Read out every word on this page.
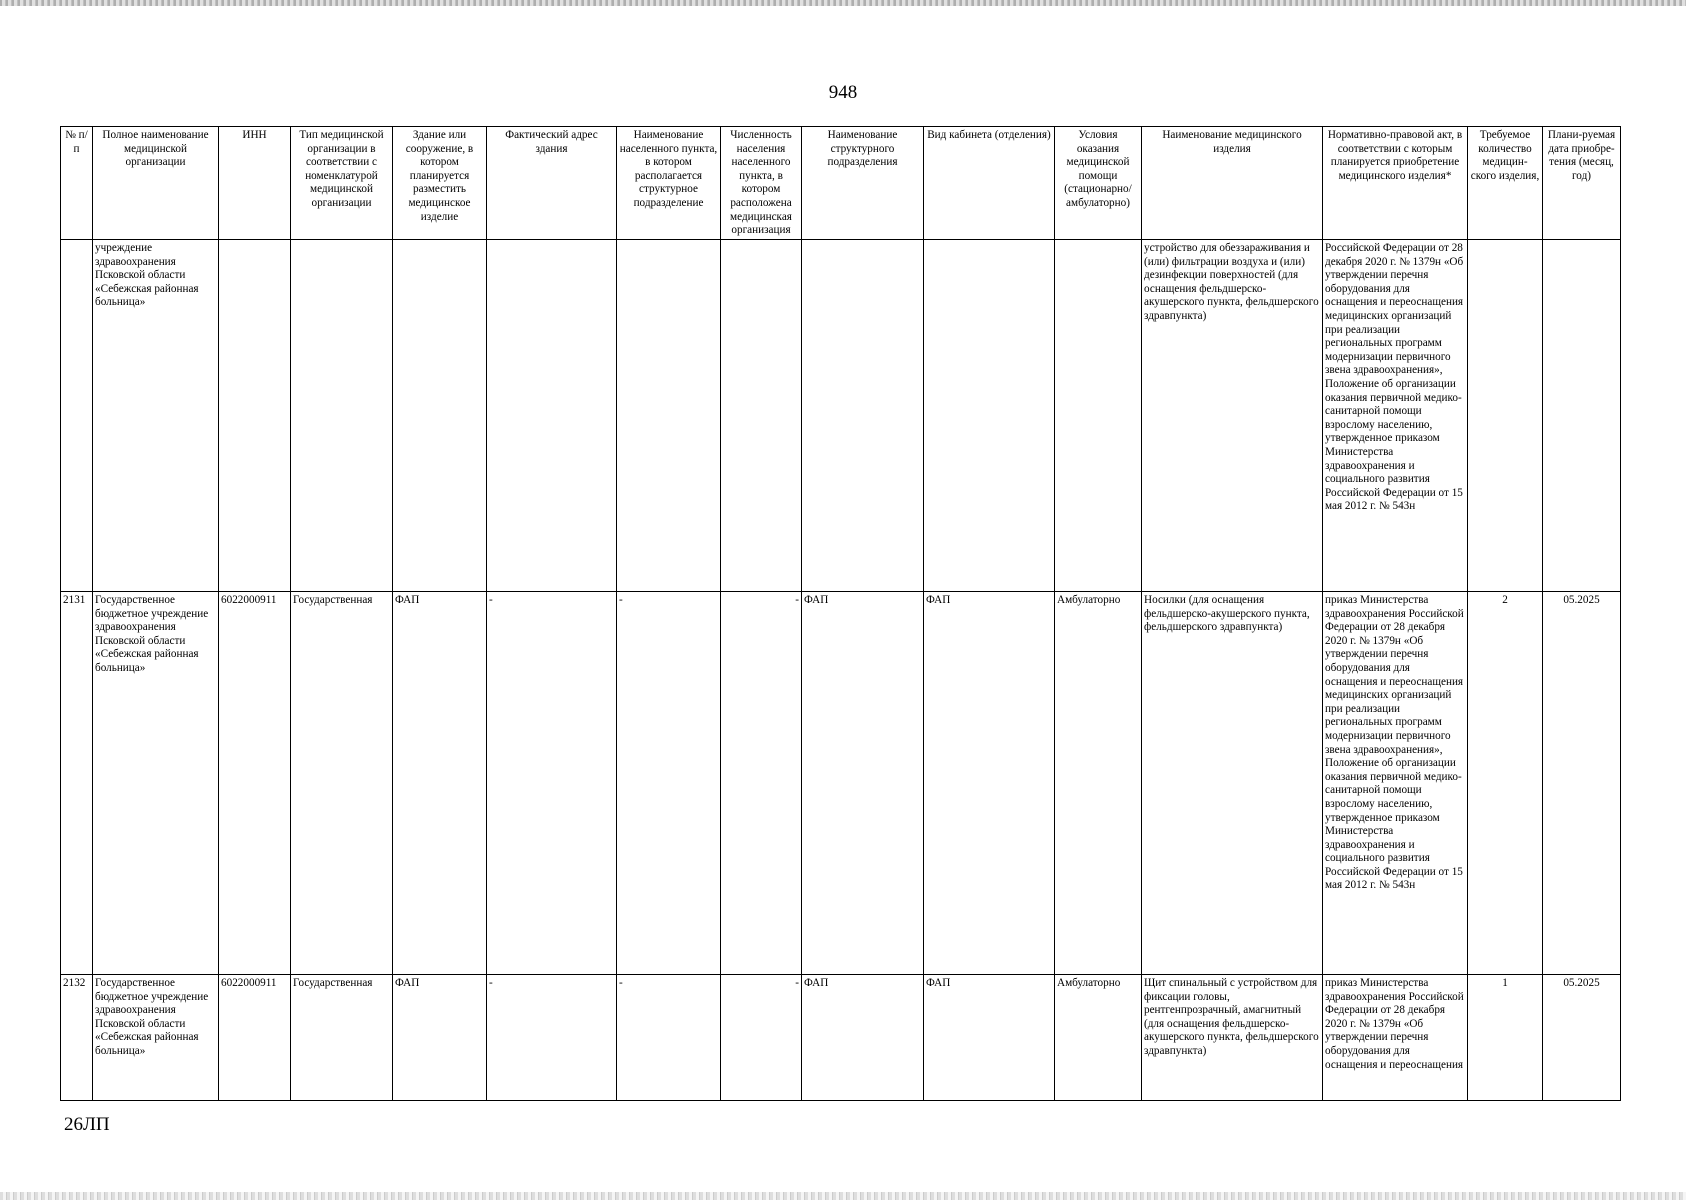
948
№ п/п	Полное наименование медицинской организации	ИНН	Тип медицинской организации в соответствии с номенклатурой медицинской организации	Здание или сооружение, в котором планируется разместить медицинское изделие	Фактический адрес здания	Наименование населенного пункта, в котором располагается структурное подразделение	Численность населения населенного пункта, в котором расположена медицинская организация	Наименование структурного подразделения	Вид кабинета (отделения)	Условия оказания медицинской помощи (стационарно/ амбулаторно)	Наименование медицинского изделия	Нормативно-правовой акт, в соответствии с которым планируется приобретение медицинского изделия*	Требуемое количество медицин-ского изделия,	Плани-руемая дата приобре-тения (месяц, год)
	учреждение здравоохранения Псковской области «Себежская районная больница»										устройство для обеззараживания и (или) фильтрации воздуха и (или) дезинфекции поверхностей (для оснащения фельдшерско-акушерского пункта, фельдшерского здравпункта)	Российской Федерации от 28 декабря 2020 г. № 1379н «Об утверждении перечня оборудования для оснащения и переоснащения медицинских организаций при реализации региональных программ модернизации первичного звена здравоохранения», Положение об организации оказания первичной медико-санитарной помощи взрослому населению, утвержденное приказом Министерства здравоохранения и социального развития Российской Федерации от 15 мая 2012 г. № 543н		
2131	Государственное бюджетное учреждение здравоохранения Псковской области «Себежская районная больница»	6022000911	Государственная	ФАП	-	-	-	ФАП	ФАП	Амбулаторно	Носилки (для оснащения фельдшерско-акушерского пункта, фельдшерского здравпункта)	приказ Министерства здравоохранения Российской Федерации от 28 декабря 2020 г. № 1379н «Об утверждении перечня оборудования для оснащения и переоснащения медицинских организаций при реализации региональных программ модернизации первичного звена здравоохранения», Положение об организации оказания первичной медико-санитарной помощи взрослому населению, утвержденное приказом Министерства здравоохранения и социального развития Российской Федерации от 15 мая 2012 г. № 543н	2	05.2025
2132	Государственное бюджетное учреждение здравоохранения Псковской области «Себежская районная больница»	6022000911	Государственная	ФАП	-	-	-	ФАП	ФАП	Амбулаторно	Щит спинальный с устройством для фиксации головы, рентгенпрозрачный, амагнитный (для оснащения фельдшерско-акушерского пункта, фельдшерского здравпункта)	приказ Министерства здравоохранения Российской Федерации от 28 декабря 2020 г. № 1379н «Об утверждении перечня оборудования для оснащения и переоснащения	1	05.2025
26ЛП
